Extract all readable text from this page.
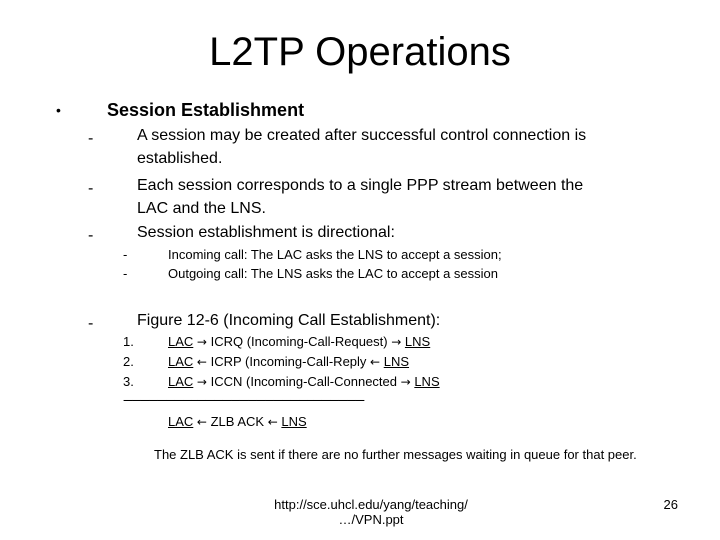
L2TP Operations
•	Session Establishment
-	A session may be created after successful control connection is
established.
-	Each session corresponds to a single PPP stream between the
LAC and the LNS.
-	Session establishment is directional:
-	Incoming call: The LAC asks the LNS to accept a session;
-	Outgoing call: The LNS asks the LAC to accept a session
-	Figure 12-6 (Incoming Call Establishment):
1.	LAC → ICRQ (Incoming-Call-Request) → LNS
2.	LAC ← ICRP (Incoming-Call-Reply ← LNS
3.	LAC → ICCN (Incoming-Call-Connected → LNS
-------------------------------------------------------------------------------------
LAC ← ZLB ACK ← LNS
The ZLB ACK is sent if there are no further messages waiting in queue for that peer.
http://sce.uhcl.edu/yang/teaching/
…/VPN.ppt
26
